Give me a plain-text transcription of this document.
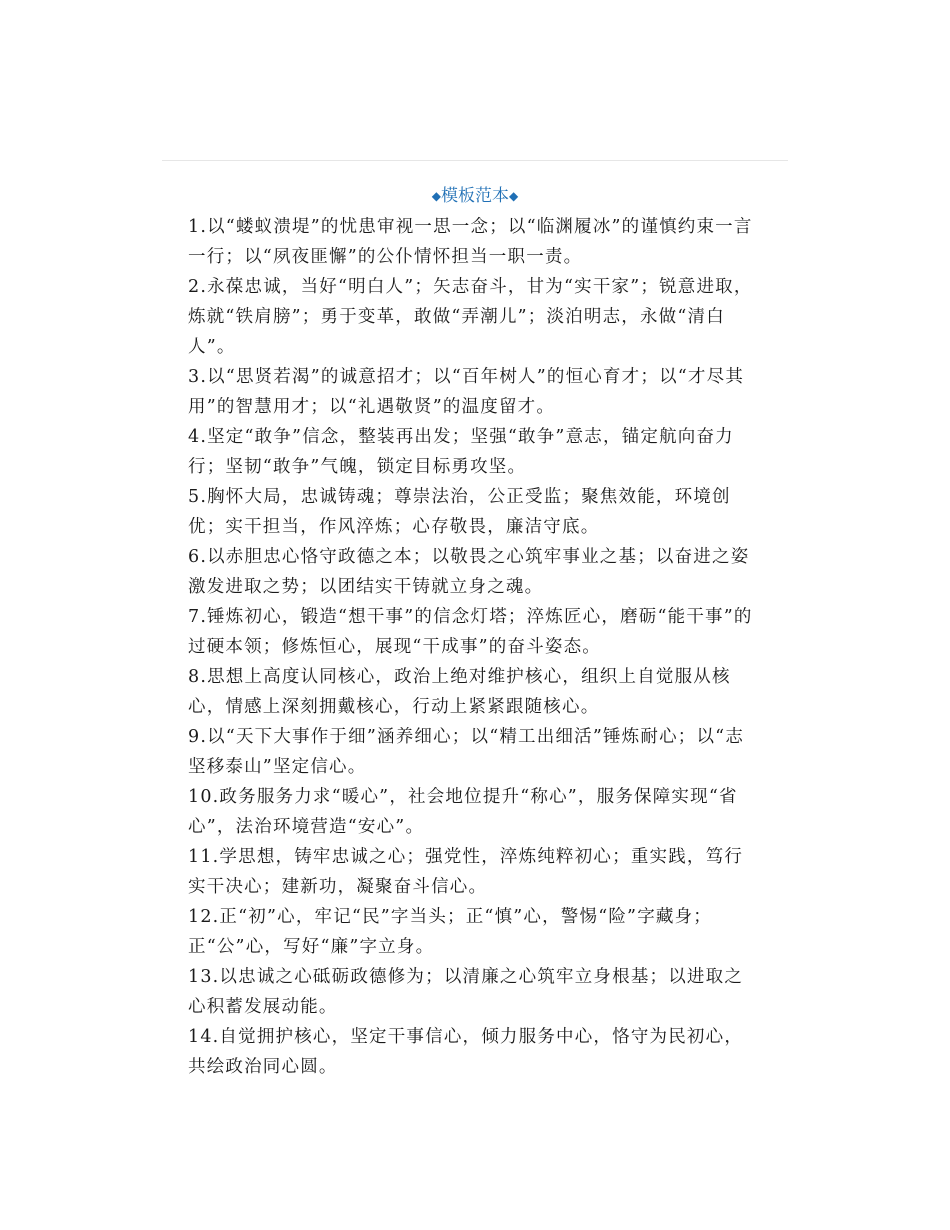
◆模板范本◆

1.以“蝼蚁溃堤”的忧患审视一思一念；以“临渊履冰”的谨慎约束一言一行；以“夙夜匪懈”的公仆情怀担当一职一责。

2.永葆忠诚，当好“明白人”；矢志奋斗，甘为“实干家”；锐意进取，炼就“铁肩膀”；勇于变革，敢做“弄潮儿”；淡泊明志，永做“清白人”。

3.以“思贤若渴”的诚意招才；以“百年树人”的恒心育才；以“才尽其用”的智慧用才；以“礼遇敬贤”的温度留才。

4.坚定“敢争”信念，整装再出发；坚强“敢争”意志，锚定航向奋力行；坚韧“敢争”气魄，锁定目标勇攻坚。

5.胸怀大局，忠诚铸魂；尊崇法治，公正受监；聚焦效能，环境创优；实干担当，作风淬炼；心存敬畏，廉洁守底。

6.以赤胆忠心恪守政德之本；以敬畏之心筑牢事业之基；以奋进之姿激发进取之势；以团结实干铸就立身之魂。

7.锤炼初心，锻造“想干事”的信念灯塔；淬炼匠心，磨砺“能干事”的过硬本领；修炼恒心，展现“干成事”的奋斗姿态。

8.思想上高度认同核心，政治上绝对维护核心，组织上自觉服从核心，情感上深刻拥戴核心，行动上紧紧跟随核心。

9.以“天下大事作于细”涵养细心；以“精工出细活”锤炼耐心；以“志坚移泰山”坚定信心。

10.政务服务力求“暖心”，社会地位提升“称心”，服务保障实现“省心”，法治环境营造“安心”。

11.学思想，铸牢忠诚之心；强党性，淬炼纯粹初心；重实践，笃行实干决心；建新功，凝聚奋斗信心。

12.正“初”心，牢记“民”字当头；正“慎”心，警惕“险”字藏身；正“公”心，写好“廉”字立身。

13.以忠诚之心砥砺政德修为；以清廉之心筑牢立身根基；以进取之心积蓄发展动能。

14.自觉拥护核心，坚定干事信心，倾力服务中心，恪守为民初心，共绘政治同心圆。
